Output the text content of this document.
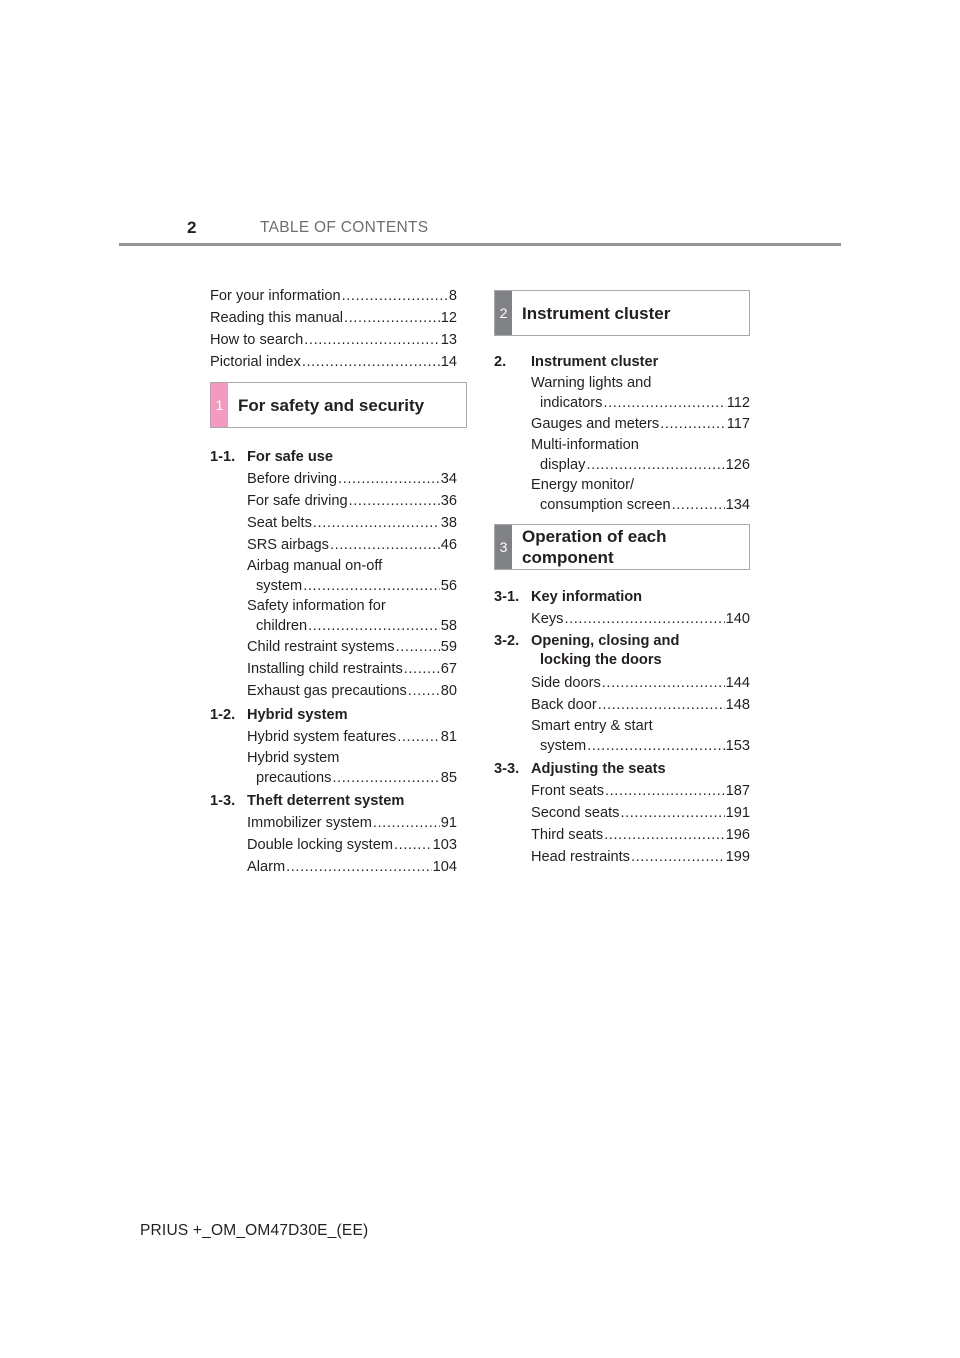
2	TABLE OF CONTENTS
For your information .....	8
Reading this manual .....	12
How to search .....	13
Pictorial index .....	14
1 For safety and security
1-1. For safe use
Before driving .....	34
For safe driving .....	36
Seat belts .....	38
SRS airbags .....	46
Airbag manual on-off
system .....	56
Safety information for
children .....	58
Child restraint systems .....	59
Installing child restraints .....	67
Exhaust gas precautions ..... 80
1-2. Hybrid system
Hybrid system features .....	81
Hybrid system
precautions .....	85
1-3. Theft deterrent system
Immobilizer system .....	91
Double locking system .....	103
Alarm .....	104
2 Instrument cluster
2.	Instrument cluster
Warning lights and
indicators .....	112
Gauges and meters .....	117
Multi-information
display .....	126
Energy monitor/
consumption screen .....	134
3
Operation of each
component
3-1. Key information
Keys .....	140
3-2. Opening, closing and
locking the doors
Side doors .....	144
Back door .....	148
Smart entry & start
system .....	153
3-3. Adjusting the seats
Front seats .....	187
Second seats .....	191
Third seats .....	196
Head restraints .....	199
PRIUS +_OM_OM47D30E_(EE)
